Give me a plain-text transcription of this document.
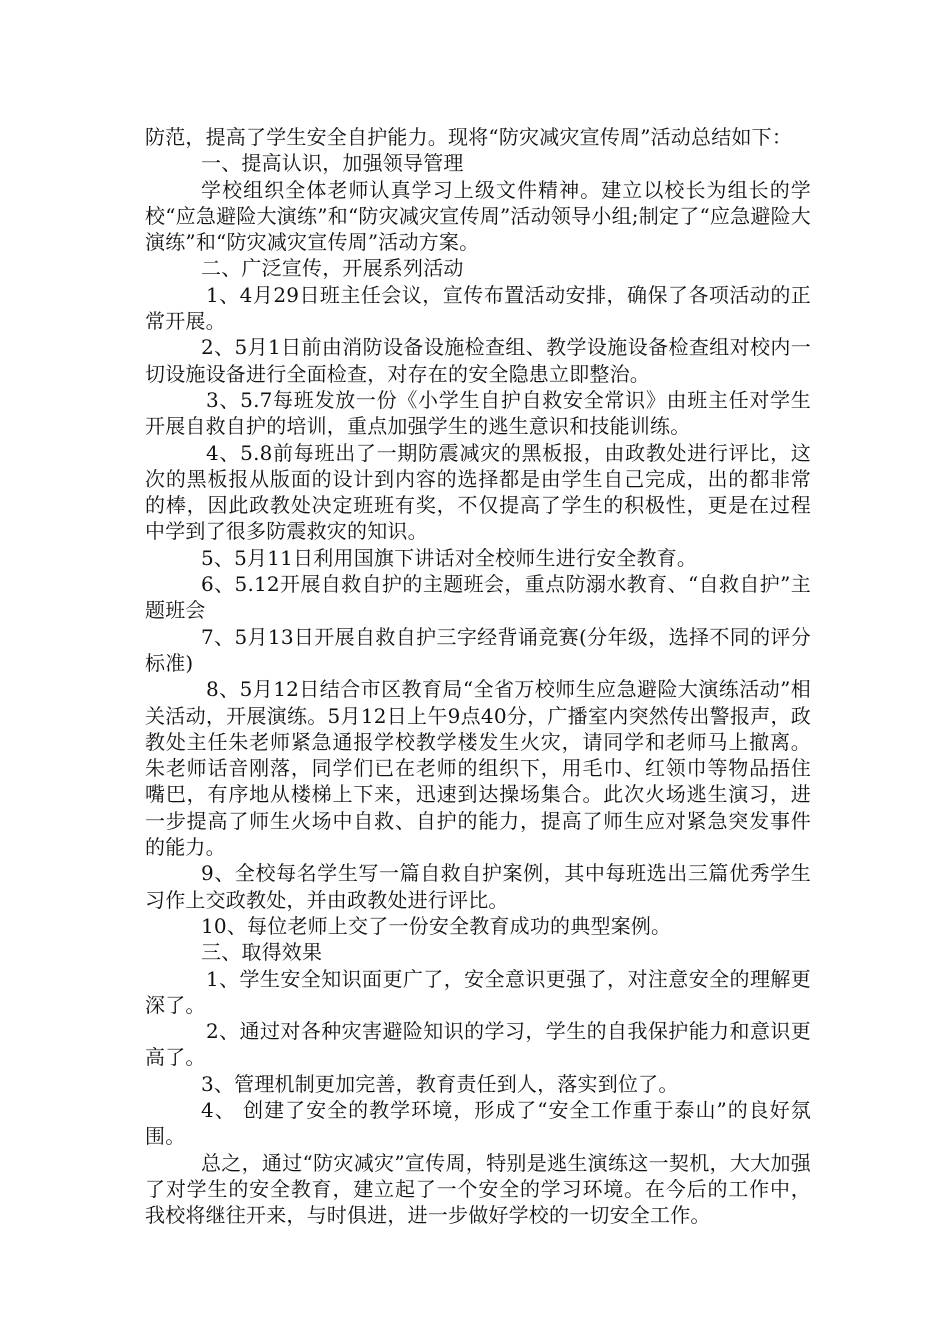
防范，提高了学生安全自护能力。现将“防灾减灾宣传周”活动总结如下：

一、提高认识，加强领导管理

学校组织全体老师认真学习上级文件精神。建立以校长为组长的学校“应急避险大演练”和“防灾减灾宣传周”活动领导小组;制定了“应急避险大演练”和“防灾减灾宣传周”活动方案。

二、广泛宣传，开展系列活动

1、4月29日班主任会议，宣传布置活动安排，确保了各项活动的正常开展。

2、5月1日前由消防设备设施检查组、教学设施设备检查组对校内一切设施设备进行全面检查，对存在的安全隐患立即整治。

3、5.7每班发放一份《小学生自护自救安全常识》由班主任对学生开展自救自护的培训，重点加强学生的逃生意识和技能训练。

4、5.8前每班出了一期防震减灾的黑板报，由政教处进行评比，这次的黑板报从版面的设计到内容的选择都是由学生自己完成，出的都非常的棒，因此政教处决定班班有奖，不仅提高了学生的积极性，更是在过程中学到了很多防震救灾的知识。

5、5月11日利用国旗下讲话对全校师生进行安全教育。

6、5.12开展自救自护的主题班会，重点防溺水教育、“自救自护”主题班会

7、5月13日开展自救自护三字经背诵竞赛(分年级，选择不同的评分标准)

8、5月12日结合市区教育局“全省万校师生应急避险大演练活动”相关活动，开展演练。5月12日上午9点40分，广播室内突然传出警报声，政教处主任朱老师紧急通报学校教学楼发生火灾，请同学和老师马上撤离。朱老师话音刚落，同学们已在老师的组织下，用毛巾、红领巾等物品捂住嘴巴，有序地从楼梯上下来，迅速到达操场集合。此次火场逃生演习，进一步提高了师生火场中自救、自护的能力，提高了师生应对紧急突发事件的能力。

9、全校每名学生写一篇自救自护案例，其中每班选出三篇优秀学生习作上交政教处，并由政教处进行评比。

10、每位老师上交了一份安全教育成功的典型案例。

三、取得效果

1、学生安全知识面更广了，安全意识更强了，对注意安全的理解更深了。

2、通过对各种灾害避险知识的学习，学生的自我保护能力和意识更高了。

3、管理机制更加完善，教育责任到人，落实到位了。

4、 创建了安全的教学环境，形成了“安全工作重于泰山”的良好氛围。

总之，通过“防灾减灾”宣传周，特别是逃生演练这一契机，大大加强了对学生的安全教育，建立起了一个安全的学习环境。在今后的工作中，我校将继往开来，与时俱进，进一步做好学校的一切安全工作。
